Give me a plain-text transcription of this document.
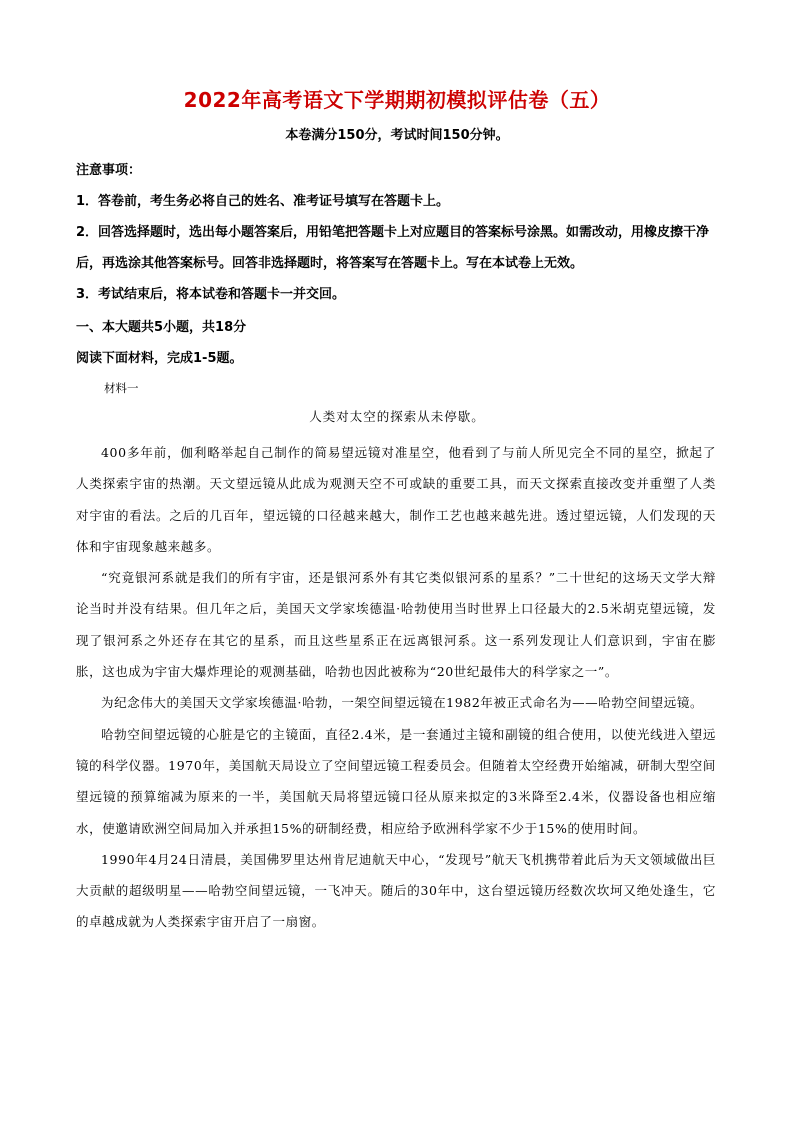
2022年高考语文下学期期初模拟评估卷（五）
本卷满分150分，考试时间150分钟。
注意事项：

1．答卷前，考生务必将自己的姓名、准考证号填写在答题卡上。

2．回答选择题时，选出每小题答案后，用铅笔把答题卡上对应题目的答案标号涂黑。如需改动，用橡皮擦干净后，再选涂其他答案标号。回答非选择题时，将答案写在答题卡上。写在本试卷上无效。

3．考试结束后，将本试卷和答题卡一并交回。

一、本大题共5小题，共18分
阅读下面材料，完成1-5题。
材料一
人类对太空的探索从未停歇。

400多年前，伽利略举起自己制作的简易望远镜对准星空，他看到了与前人所见完全不同的星空，掀起了人类探索宇宙的热潮。天文望远镜从此成为观测天空不可或缺的重要工具，而天文探索直接改变并重塑了人类对宇宙的看法。之后的几百年，望远镜的口径越来越大，制作工艺也越来越先进。透过望远镜，人们发现的天体和宇宙现象越来越多。

“究竟银河系就是我们的所有宇宙，还是银河系外有其它类似银河系的星系？”二十世纪的这场天文学大辩论当时并没有结果。但几年之后，美国天文学家埃德温·哈勃使用当时世界上口径最大的2.5米胡克望远镜，发现了银河系之外还存在其它的星系，而且这些星系正在远离银河系。这一系列发现让人们意识到，宇宙在膨胀，这也成为宇宙大爆炸理论的观测基础，哈勃也因此被称为“20世纪最伟大的科学家之一”。

为纪念伟大的美国天文学家埃德温·哈勃，一架空间望远镜在1982年被正式命名为——哈勃空间望远镜。

哈勃空间望远镜的心脏是它的主镜面，直径2.4米，是一套通过主镜和副镜的组合使用，以使光线进入望远镜的科学仪器。1970年，美国航天局设立了空间望远镜工程委员会。但随着太空经费开始缩减，研制大型空间望远镜的预算缩减为原来的一半，美国航天局将望远镜口径从原来拟定的3米降至2.4米，仪器设备也相应缩水，使邀请欧洲空间局加入并承担15%的研制经费，相应给予欧洲科学家不少于15%的使用时间。

1990年4月24日清晨，美国佛罗里达州肯尼迪航天中心，“发现号”航天飞机携带着此后为天文领域做出巨大贡献的超级明星——哈勃空间望远镜，一飞冲天。随后的30年中，这台望远镜历经数次坎坷又绝处逢生，它的卓越成就为人类探索宇宙开启了一扇窗。
